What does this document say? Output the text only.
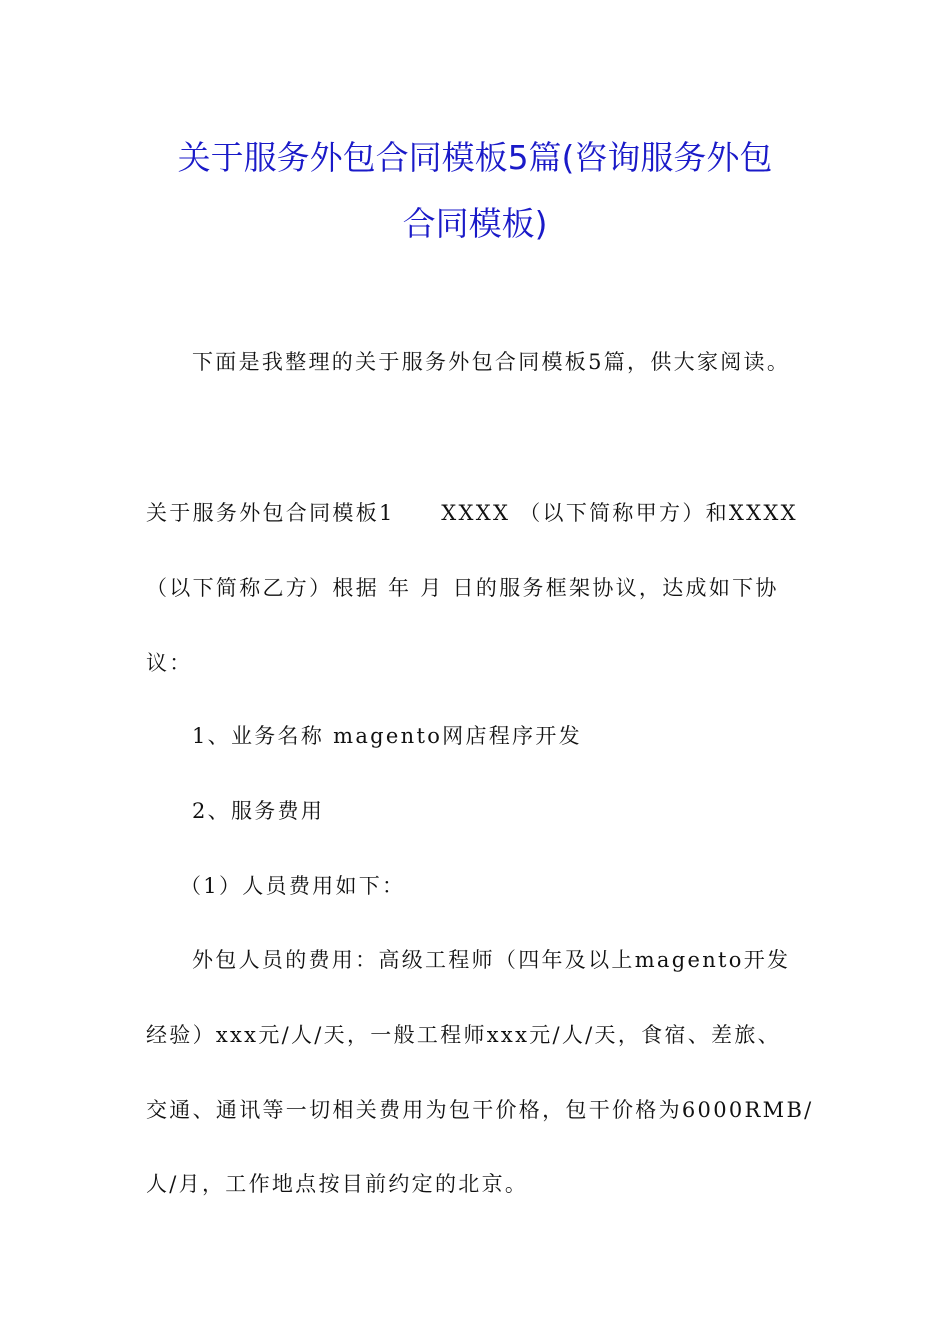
关于服务外包合同模板5篇(咨询服务外包
合同模板)

下面是我整理的关于服务外包合同模板5篇，供大家阅读。

关于服务外包合同模板1　　XXXX （以下简称甲方）和XXXX

（以下简称乙方）根据 年 月 日的服务框架协议，达成如下协

议：

1、业务名称 magento网店程序开发

2、服务费用

（1）人员费用如下：

外包人员的费用：高级工程师（四年及以上magento开发

经验）xxx元/人/天，一般工程师xxx元/人/天，食宿、差旅、

交通、通讯等一切相关费用为包干价格，包干价格为6000RMB/

人/月，工作地点按目前约定的北京。
